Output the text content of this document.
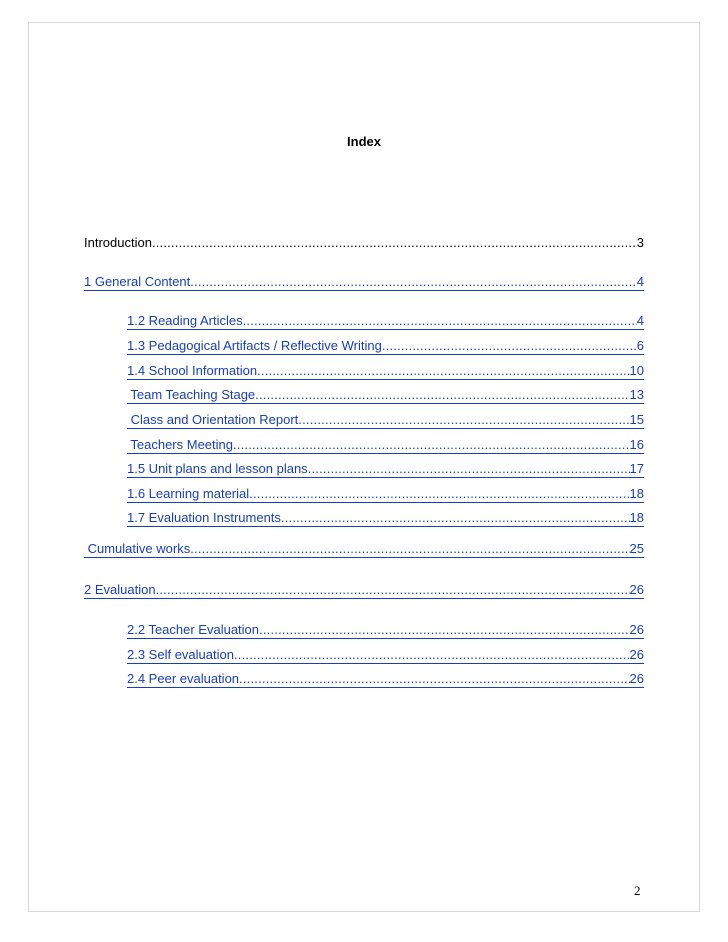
Index
Introduction .....	3
1 General Content .....	4
1.2 Reading Articles .....	4
1.3 Pedagogical Artifacts / Reflective Writing .....	6
1.4 School Information .....	10
Team Teaching Stage .....	13
Class and Orientation Report .....	15
Teachers Meeting .....	16
1.5 Unit plans and lesson plans .....	17
1.6 Learning material .....	18
1.7 Evaluation Instruments .....	18
Cumulative works .....	25
2 Evaluation .....	26
2.2 Teacher Evaluation .....	26
2.3 Self evaluation .....	26
2.4 Peer evaluation .....	26
2
